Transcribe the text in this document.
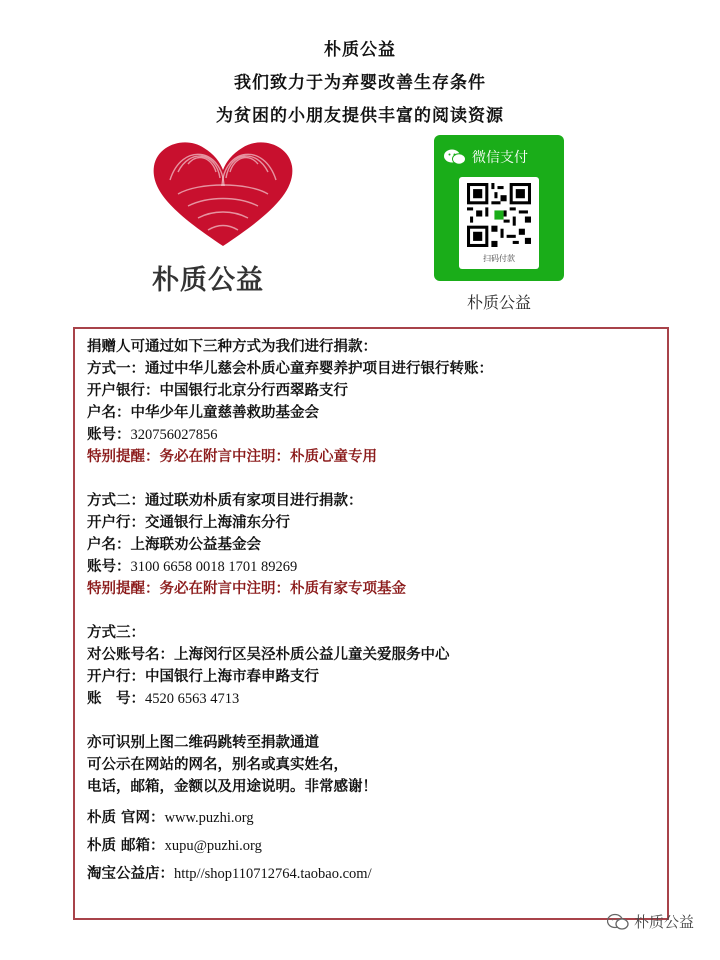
朴质公益
我们致力于为弃婴改善生存条件
为贫困的小朋友提供丰富的阅读资源
朴质公益
微信支付
扫码付款
朴质公益
捐赠人可通过如下三种方式为我们进行捐款：
方式一：通过中华儿慈会朴质心童弃婴养护项目进行银行转账：
开户银行：中国银行北京分行西翠路支行
户名：中华少年儿童慈善救助基金会
账号：320756027856
特别提醒：务必在附言中注明：朴质心童专用
方式二：通过联劝朴质有家项目进行捐款：
开户行：交通银行上海浦东分行
户名：上海联劝公益基金会
账号：3100 6658 0018 1701 89269
特别提醒：务必在附言中注明：朴质有家专项基金
方式三：
对公账号名：上海闵行区吴泾朴质公益儿童关爱服务中心
开户行：中国银行上海市春申路支行
账　号：4520 6563 4713
亦可识别上图二维码跳转至捐款通道
可公示在网站的网名，别名或真实姓名，
电话，邮箱，金额以及用途说明。非常感谢！
朴质 官网：www.puzhi.org
朴质 邮箱：xupu@puzhi.org
淘宝公益店：http//shop110712764.taobao.com/
朴质公益
